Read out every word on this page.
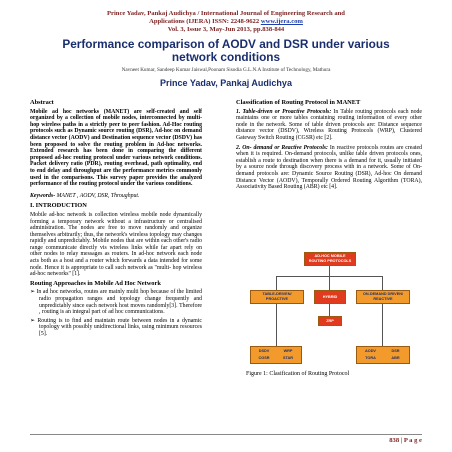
Prince Yadav, Pankaj Audichya / International Journal of Engineering Research and
Applications (IJERA) ISSN: 2248-9622 www.ijera.com
Vol. 3, Issue 3, May-Jun 2013, pp.838-844
Performance comparison of AODV and DSR under various network conditions
Navneet Kumar, Sandeep Kumar Jaiswal,Poonam Sisodia G.L.N.A Institute of Technology, Mathura
Prince Yadav, Pankaj Audichya
Abstract
Mobile ad hoc networks (MANET) are self-created and self organized by a collection of mobile nodes, interconnected by multi-hop wireless paths in a strictly peer to peer fashion. Ad-Hoc routing protocols such as Dynamic source routing (DSR), Ad-hoc on demand distance vector (AODV) and Destination sequence vector (DSDV) has been proposed to solve the routing problem in Ad-hoc networks. Extended research has been done in comparing the different proposed ad-hoc routing protocol under various network conditions. Packet delivery ratio (PDR), routing overhead, path optimality, end to end delay and throughput are the performance metrics commonly used in the comparisons. This survey paper provides the analyzed performance of the routing protocol under the various conditions.
Keywords- MANET , AODV, DSR, Throughput.
I. INTRODUCTION
Mobile ad-hoc network is collection wireless mobile node dynamically forming a temporary network without a infrastructure or centralised administration. The nodes are free to move randomly and organize themselves arbitrarily; thus, the network's wireless topology may changes rapidly and unpredictably. Mobile nodes that are within each other's radio range communicate directly vis wireless links while far apart rely on other nodes to relay messages as routers. In ad-hoc network each node acts both as a host and a router which forwards a data intended for some node. Hence it is appropriate to call such network as "multi- hop wireless ad-hoc networks" [1].
Routing Approaches in Mobile Ad Hoc Network
➢ In ad hoc networks, routes are mainly multi hop because of the limited radio propagation ranges and topology change frequently and unpredictably since each network host moves randomly[3]. Therefore , routing is an integral part of ad hoc communications.
➢ Routing is to find and maintain route between nodes in a dynamic topology with possibly unidirectional links, using minimum resources [5].
Classification of Routing Protocol in MANET
1. Table-driven or Proactive Protocols: In Table routing protocols each node maintains one or more tables containing routing information of every other node in the network. Some of table driven protocols are: Distance sequence distance vector (DSDV), Wireless Routing Protocols (WRP), Clustered Gateway Switch Routing (CGSR) etc [2].
2. On- demand or Reactive Protocols: In reactive protocols routes are created when it is required. On-demand protocols, unlike table driven protocols ones, establish a route to destination when there is a demand for it, usually initiated by a source node through discovery process with in a network. Some of On-demand protocols are: Dynamic Source Routing (DSR), Ad-hoc On demand Distance Vector (AODV), Temporally Ordered Routing Algorithm (TORA), Associativity Based Routing (ABR) etc [4].
AD-HOC MOBILE ROUTING PROTOCOLS
TABLE-DRIVEN/ PROACTIVE
HYBRID
ON-DEMAND DRIVEN/ REACTIVE
ZRP
DSDV	WRP
CGSR	STAR
AODV	DSR
TORA	ABR
Figure 1: Clasification of Routing Protocol
838 | P a g e
